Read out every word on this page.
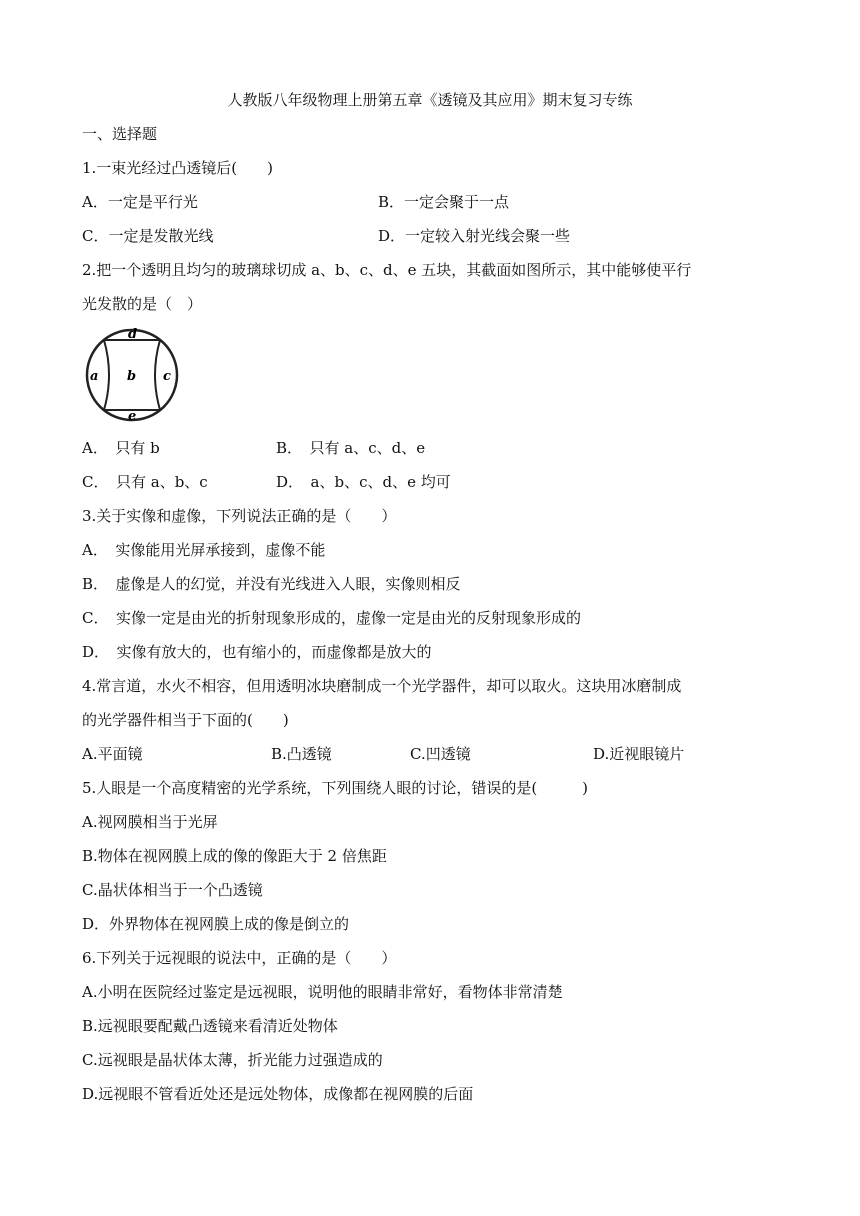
人教版八年级物理上册第五章《透镜及其应用》期末复习专练
一、选择题
1.一束光经过凸透镜后(　　)
A．一定是平行光	B．一定会聚于一点
C．一定是发散光线	D．一定较入射光线会聚一些
2.把一个透明且均匀的玻璃球切成 a、b、c、d、e 五块，其截面如图所示，其中能够使平行
光发散的是（　）
d
a b c
e
A．　只有 b	B．　只有 a、c、d、e
C．　只有 a、b、c	D．　a、b、c、d、e 均可
3.关于实像和虚像，下列说法正确的是（　　）
A．　实像能用光屏承接到，虚像不能
B．　虚像是人的幻觉，并没有光线进入人眼，实像则相反
C．　实像一定是由光的折射现象形成的，虚像一定是由光的反射现象形成的
D．　实像有放大的，也有缩小的，而虚像都是放大的
4.常言道，水火不相容，但用透明冰块磨制成一个光学器件，却可以取火。这块用冰磨制成
的光学器件相当于下面的(　　)
A.平面镜	B.凸透镜	C.凹透镜	D.近视眼镜片
5.人眼是一个高度精密的光学系统，下列围绕人眼的讨论，错误的是(　　　)
A.视网膜相当于光屏
B.物体在视网膜上成的像的像距大于 2 倍焦距
C.晶状体相当于一个凸透镜
D．外界物体在视网膜上成的像是倒立的
6.下列关于远视眼的说法中，正确的是（　　）
A.小明在医院经过鉴定是远视眼，说明他的眼睛非常好，看物体非常清楚
B.远视眼要配戴凸透镜来看清近处物体
C.远视眼是晶状体太薄，折光能力过强造成的
D.远视眼不管看近处还是远处物体，成像都在视网膜的后面
